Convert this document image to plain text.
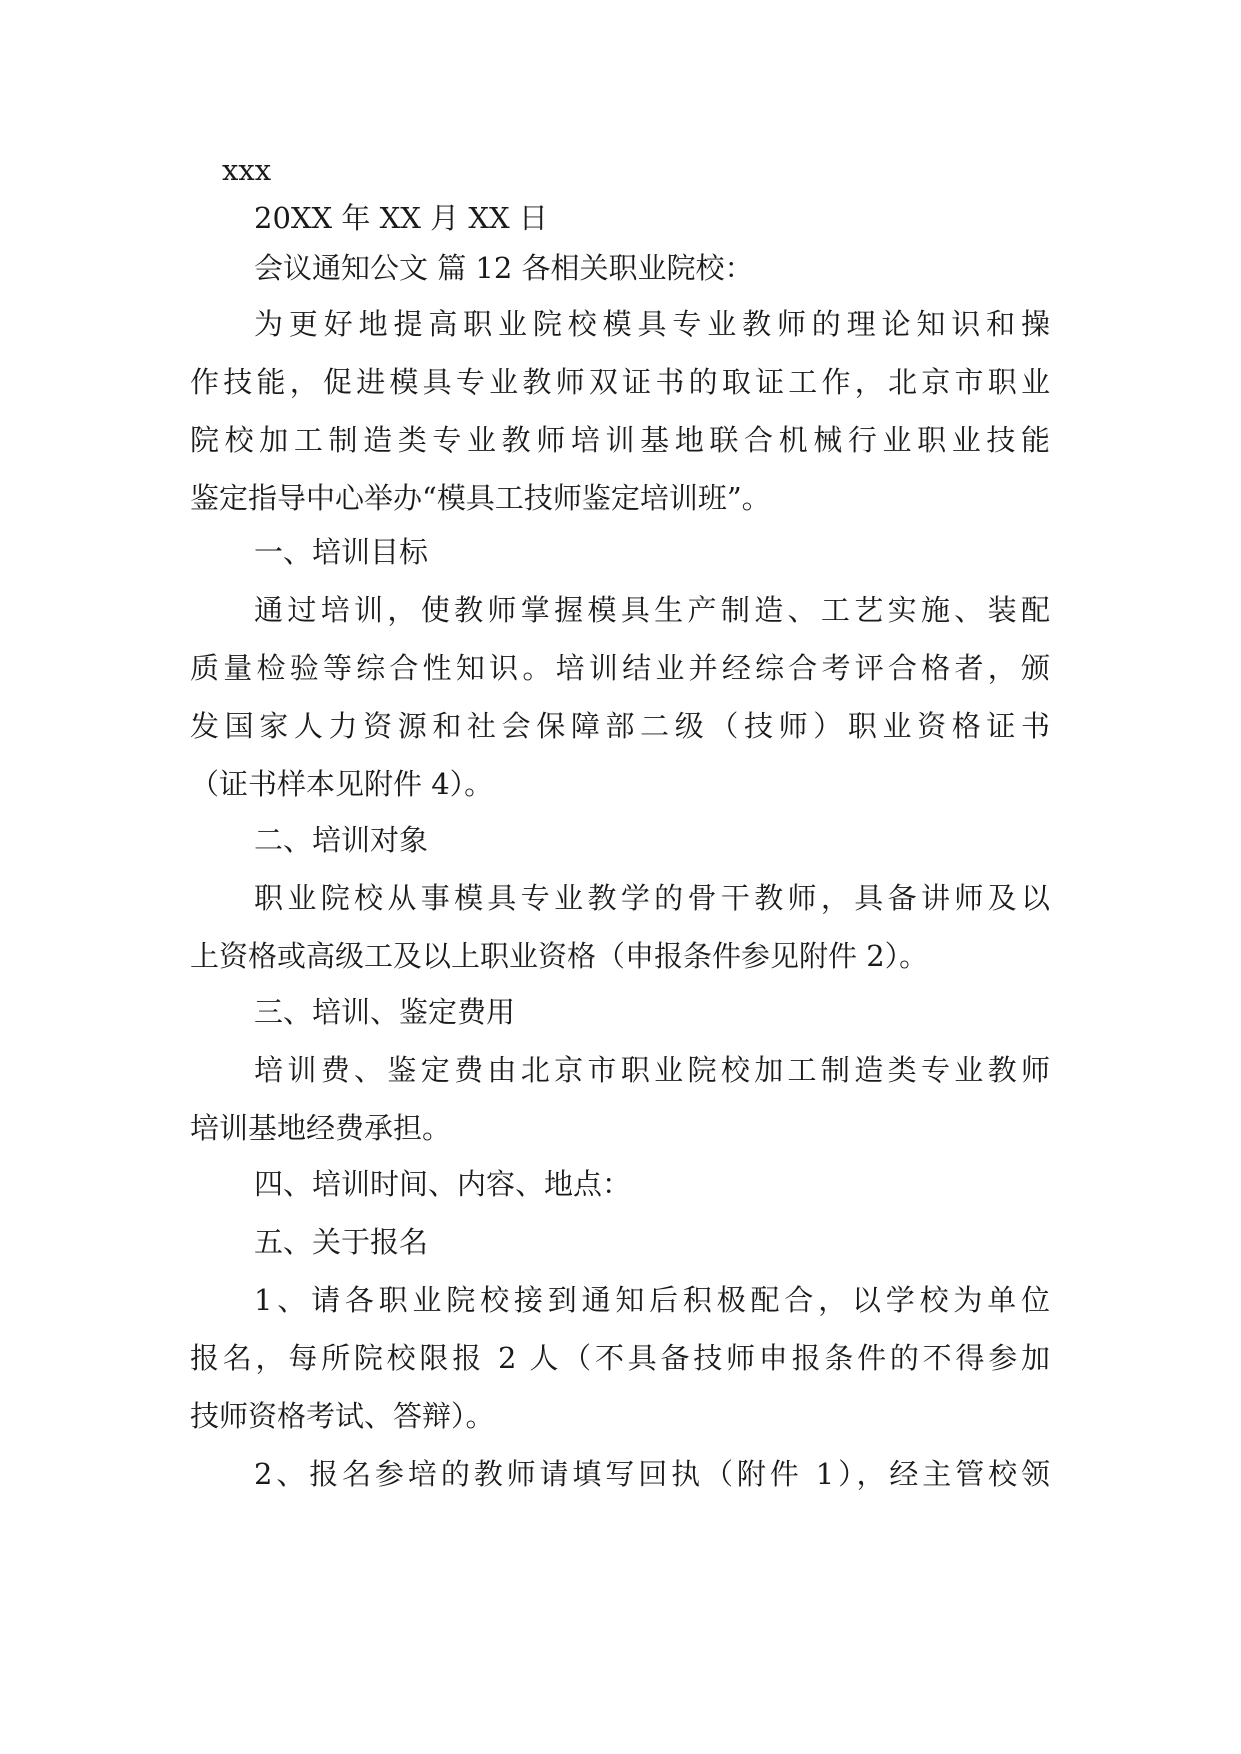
xxx

20XX 年 XX 月 XX 日

会议通知公文 篇 12 各相关职业院校：

为更好地提高职业院校模具专业教师的理论知识和操

作技能，促进模具专业教师双证书的取证工作，北京市职业

院校加工制造类专业教师培训基地联合机械行业职业技能

鉴定指导中心举办“模具工技师鉴定培训班”。

一、培训目标

通过培训，使教师掌握模具生产制造、工艺实施、装配

质量检验等综合性知识。培训结业并经综合考评合格者，颁

发国家人力资源和社会保障部二级（技师）职业资格证书

（证书样本见附件 4）。

二、培训对象

职业院校从事模具专业教学的骨干教师，具备讲师及以

上资格或高级工及以上职业资格（申报条件参见附件 2）。

三、培训、鉴定费用

培训费、鉴定费由北京市职业院校加工制造类专业教师

培训基地经费承担。

四、培训时间、内容、地点：

五、关于报名

1、请各职业院校接到通知后积极配合，以学校为单位

报名，每所院校限报 2 人（不具备技师申报条件的不得参加

技师资格考试、答辩）。

2、报名参培的教师请填写回执（附件 1），经主管校领
